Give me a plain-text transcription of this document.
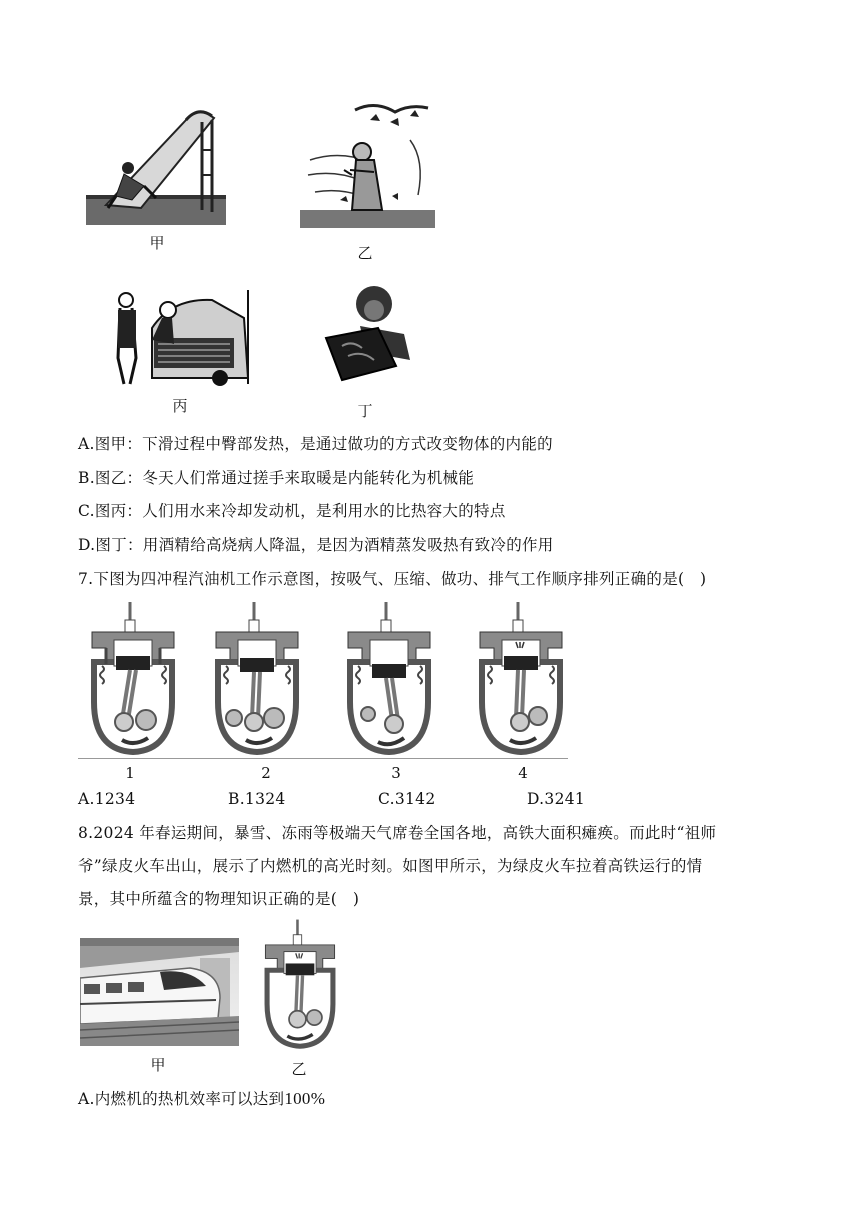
甲
乙
丙	丁
A.图甲：下滑过程中臀部发热，是通过做功的方式改变物体的内能的
B.图乙：冬天人们常通过搓手来取暖是内能转化为机械能
C.图丙：人们用水来冷却发动机，是利用水的比热容大的特点
D.图丁：用酒精给高烧病人降温，是因为酒精蒸发吸热有致冷的作用
7.下图为四冲程汽油机工作示意图，按吸气、压缩、做功、排气工作顺序排列正确的是(   )
1	2	3	4
A.1234	B.1324	C.3142	D.3241
8.2024 年春运期间，暴雪、冻雨等极端天气席卷全国各地，高铁大面积瘫痪。而此时“祖师
爷”绿皮火车出山，展示了内燃机的高光时刻。如图甲所示，为绿皮火车拉着高铁运行的情
景，其中所蕴含的物理知识正确的是(   )
甲	乙
A.内燃机的热机效率可以达到100%
